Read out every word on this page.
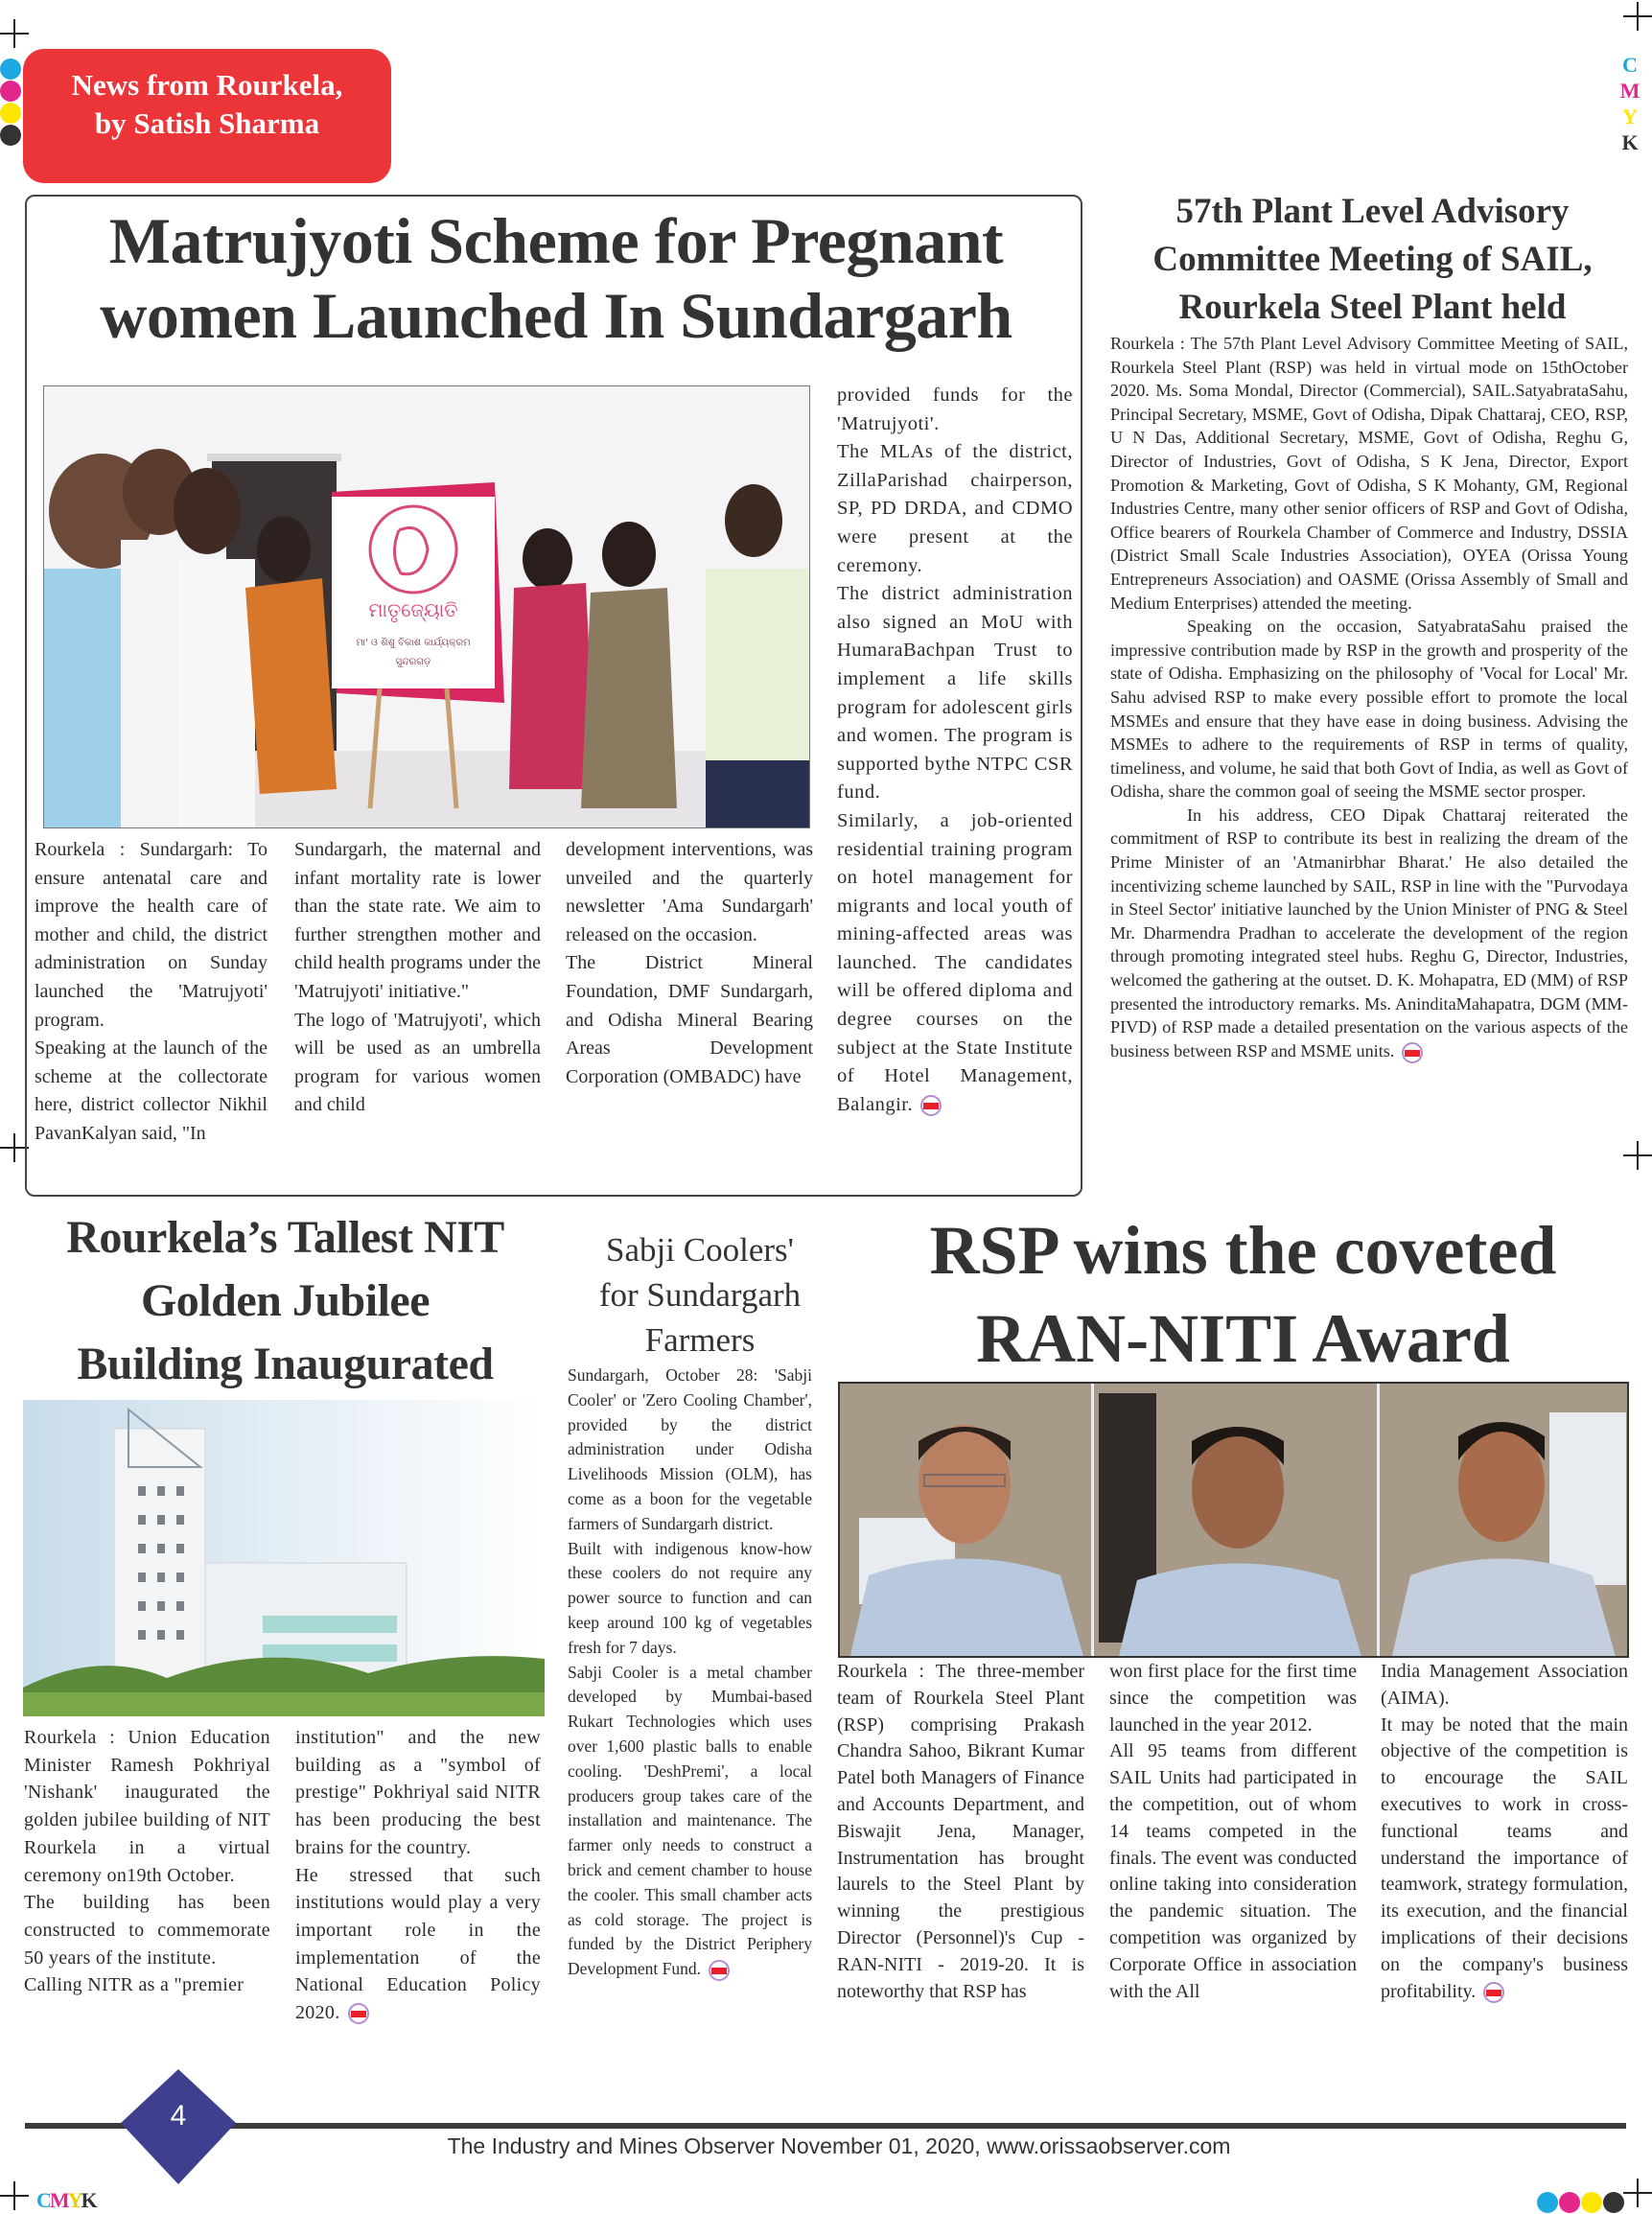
C
M
Y
K
News from Rourkela,
by Satish Sharma
Matrujyoti Scheme for Pregnant
women Launched In Sundargarh
ମାତୃଜ୍ୟୋତି
ମା' ଓ ଶିଶୁ ବିକାଶ କାର୍ଯ୍ୟକ୍ରମ
ସୁନ୍ଦରଗଡ଼

Rourkela : Sundargarh: To ensure antenatal care and improve the health care of mother and child, the district administration on Sunday launched the 'Matrujyoti' program.

Speaking at the launch of the scheme at the collectorate here, district collector Nikhil PavanKalyan said, "In

Sundargarh, the maternal and infant mortality rate is lower than the state rate. We aim to further strengthen mother and child health programs under the 'Matrujyoti' initiative."

The logo of 'Matrujyoti', which will be used as an umbrella program for various women and child

development interventions, was unveiled and the quarterly newsletter 'Ama Sundargarh' released on the occasion.

The District Mineral Foundation, DMF Sundargarh, and Odisha Mineral Bearing Areas Development Corporation (OMBADC) have

provided funds for the 'Matrujyoti'.

The MLAs of the district, ZillaParishad chairperson, SP, PD DRDA, and CDMO were present at the ceremony.

The district administration also signed an MoU with HumaraBachpan Trust to implement a life skills program for adolescent girls and women. The program is supported bythe NTPC CSR fund.

Similarly, a job-oriented residential training program on hotel management for migrants and local youth of mining-affected areas was launched. The candidates will be offered diploma and degree courses on the subject at the State Institute of Hotel Management, Balangir.

57th Plant Level Advisory
Committee Meeting of SAIL,
Rourkela Steel Plant held

Rourkela : The 57th Plant Level Advisory Committee Meeting of SAIL, Rourkela Steel Plant (RSP) was held in virtual mode on 15thOctober 2020. Ms. Soma Mondal, Director (Commercial), SAIL.SatyabrataSahu, Principal Secretary, MSME, Govt of Odisha, Dipak Chattaraj, CEO, RSP, U N Das, Additional Secretary, MSME, Govt of Odisha, Reghu G, Director of Industries, Govt of Odisha, S K Jena, Director, Export Promotion & Marketing, Govt of Odisha, S K Mohanty, GM, Regional Industries Centre, many other senior officers of RSP and Govt of Odisha, Office bearers of Rourkela Chamber of Commerce and Industry, DSSIA (District Small Scale Industries Association), OYEA (Orissa Young Entrepreneurs Association) and OASME (Orissa Assembly of Small and Medium Enterprises) attended the meeting.

Speaking on the occasion, SatyabrataSahu praised the impressive contribution made by RSP in the growth and prosperity of the state of Odisha. Emphasizing on the philosophy of 'Vocal for Local' Mr. Sahu advised RSP to make every possible effort to promote the local MSMEs and ensure that they have ease in doing business. Advising the MSMEs to adhere to the requirements of RSP in terms of quality, timeliness, and volume, he said that both Govt of India, as well as Govt of Odisha, share the common goal of seeing the MSME sector prosper.

In his address, CEO Dipak Chattaraj reiterated the commitment of RSP to contribute its best in realizing the dream of the Prime Minister of an 'Atmanirbhar Bharat.' He also detailed the incentivizing scheme launched by SAIL, RSP in line with the "Purvodaya in Steel Sector' initiative launched by the Union Minister of PNG & Steel Mr. Dharmendra Pradhan to accelerate the development of the region through promoting integrated steel hubs. Reghu G, Director, Industries, welcomed the gathering at the outset. D. K. Mohapatra, ED (MM) of RSP presented the introductory remarks. Ms. AninditaMahapatra, DGM (MM-PIVD) of RSP made a detailed presentation on the various aspects of the business between RSP and MSME units.

Rourkela’s Tallest NIT
Golden Jubilee
Building Inaugurated

Rourkela : Union Education Minister Ramesh Pokhriyal 'Nishank' inaugurated the golden jubilee building of NIT Rourkela in a virtual ceremony on19th October.

The building has been constructed to commemorate 50 years of the institute.

Calling NITR as a "premier

institution" and the new building as a "symbol of prestige" Pokhriyal said NITR has been producing the best brains for the country.

He stressed that such institutions would play a very important role in the implementation of the National Education Policy 2020.

Sabji Coolers'
for Sundargarh
Farmers

Sundargarh, October 28: 'Sabji Cooler' or 'Zero Cooling Chamber', provided by the district administration under Odisha Livelihoods Mission (OLM), has come as a boon for the vegetable farmers of Sundargarh district.

Built with indigenous know-how these coolers do not require any power source to function and can keep around 100 kg of vegetables fresh for 7 days.

Sabji Cooler is a metal chamber developed by Mumbai-based Rukart Technologies which uses over 1,600 plastic balls to enable cooling. 'DeshPremi', a local producers group takes care of the installation and maintenance. The farmer only needs to construct a brick and cement chamber to house the cooler. This small chamber acts as cold storage. The project is funded by the District Periphery Development Fund.

RSP wins the coveted
RAN-NITI Award

Rourkela : The three-member team of Rourkela Steel Plant (RSP) comprising Prakash Chandra Sahoo, Bikrant Kumar Patel both Managers of Finance and Accounts Department, and Biswajit Jena, Manager, Instrumentation has brought laurels to the Steel Plant by winning the prestigious Director (Personnel)'s Cup - RAN-NITI - 2019-20. It is noteworthy that RSP has

won first place for the first time since the competition was launched in the year 2012.

All 95 teams from different SAIL Units had participated in the competition, out of whom 14 teams competed in the finals. The event was conducted online taking into consideration the pandemic situation. The competition was organized by Corporate Office in association with the All

India Management Association (AIMA).

It may be noted that the main objective of the competition is to encourage the SAIL executives to work in cross-functional teams and understand the importance of teamwork, strategy formulation, its execution, and the financial implications of their decisions on the company's business profitability.

4
The Industry and Mines Observer November 01, 2020, www.orissaobserver.com
CMYK
